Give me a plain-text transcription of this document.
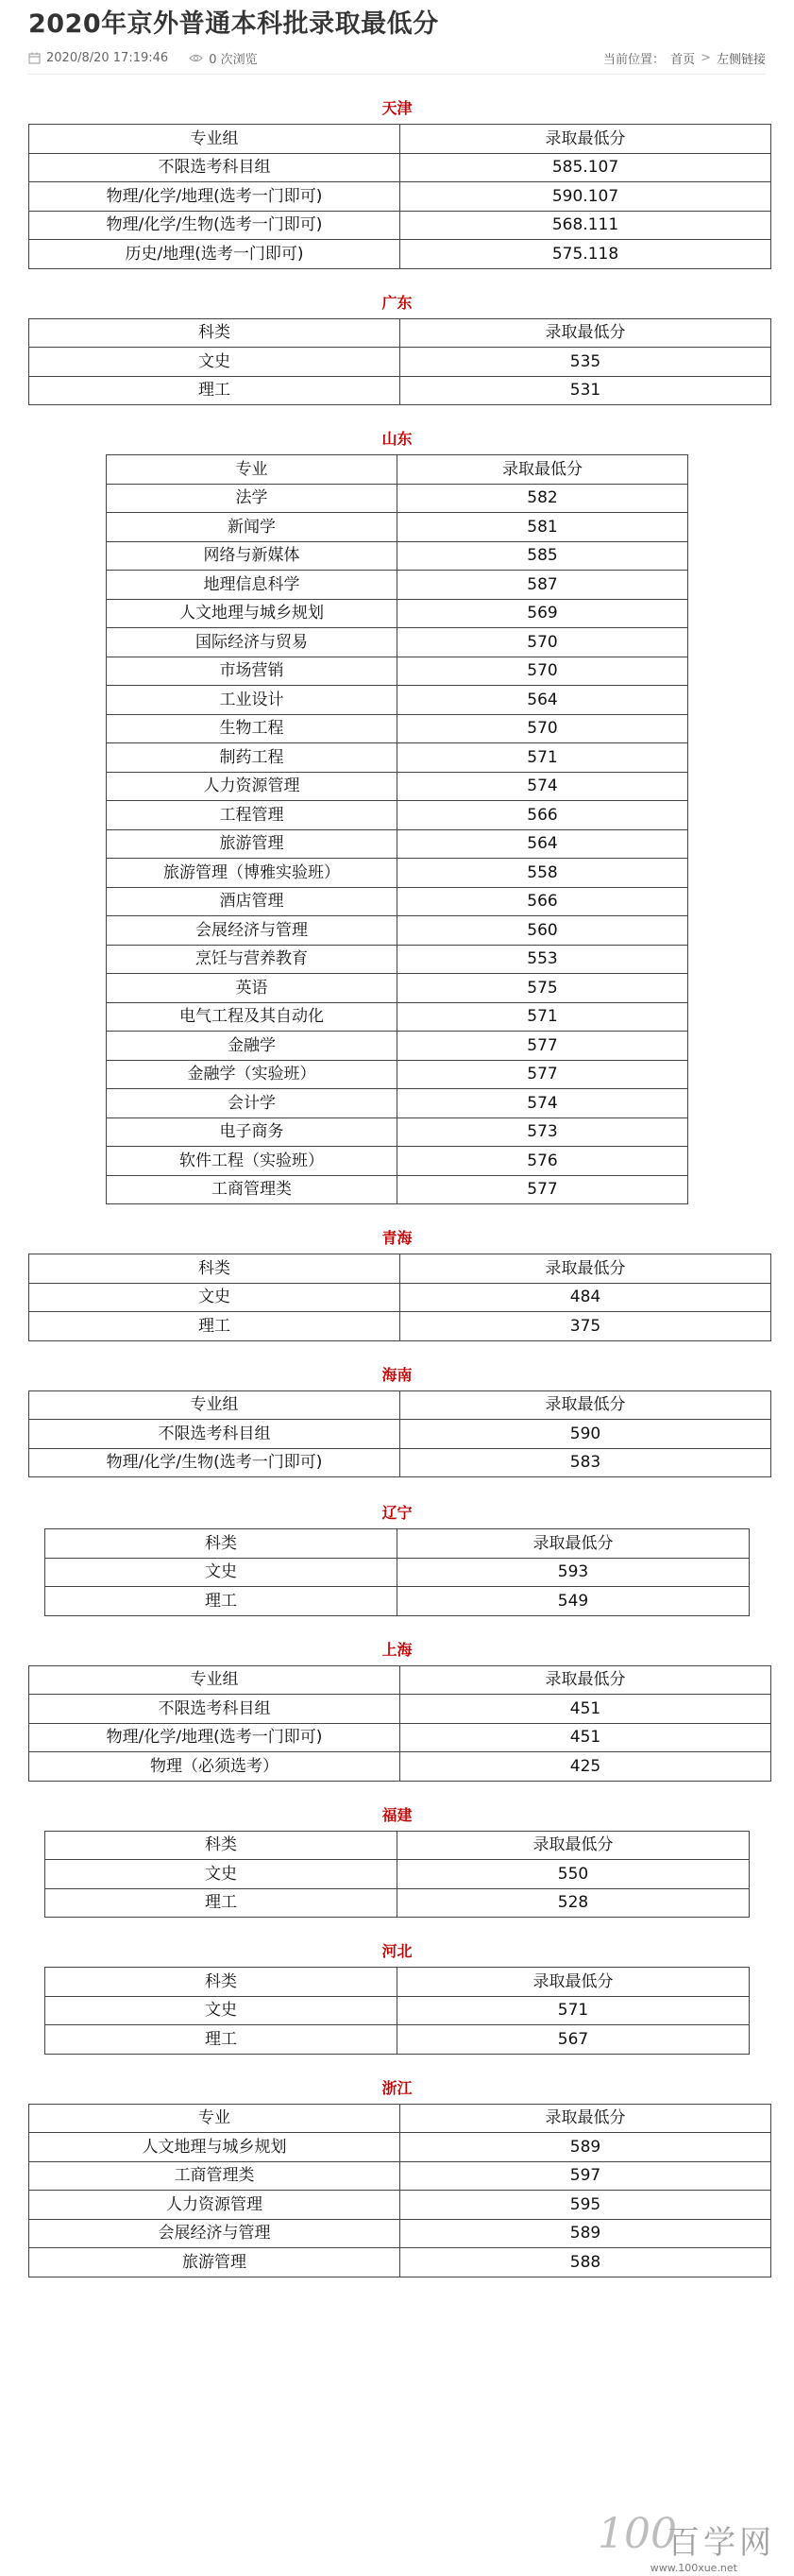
2020年京外普通本科批录取最低分
2020/8/20 17:19:46	0 次浏览	当前位置： 首页 > 左侧链接
天津
专业组	录取最低分
不限选考科目组	585.107
物理/化学/地理(选考一门即可)	590.107
物理/化学/生物(选考一门即可)	568.111
历史/地理(选考一门即可)	575.118
广东
科类	录取最低分
文史	535
理工	531
山东
专业	录取最低分
法学	582
新闻学	581
网络与新媒体	585
地理信息科学	587
人文地理与城乡规划	569
国际经济与贸易	570
市场营销	570
工业设计	564
生物工程	570
制药工程	571
人力资源管理	574
工程管理	566
旅游管理	564
旅游管理（博雅实验班）	558
酒店管理	566
会展经济与管理	560
烹饪与营养教育	553
英语	575
电气工程及其自动化	571
金融学	577
金融学（实验班）	577
会计学	574
电子商务	573
软件工程（实验班）	576
工商管理类	577
青海
科类	录取最低分
文史	484
理工	375
海南
专业组	录取最低分
不限选考科目组	590
物理/化学/生物(选考一门即可)	583
辽宁
科类	录取最低分
文史	593
理工	549
上海
专业组	录取最低分
不限选考科目组	451
物理/化学/地理(选考一门即可)	451
物理（必须选考）	425
福建
科类	录取最低分
文史	550
理工	528
河北
科类	录取最低分
文史	571
理工	567
浙江
专业	录取最低分
人文地理与城乡规划	589
工商管理类	597
人力资源管理	595
会展经济与管理	589
旅游管理	588
100
百学网
www.100xue.net
